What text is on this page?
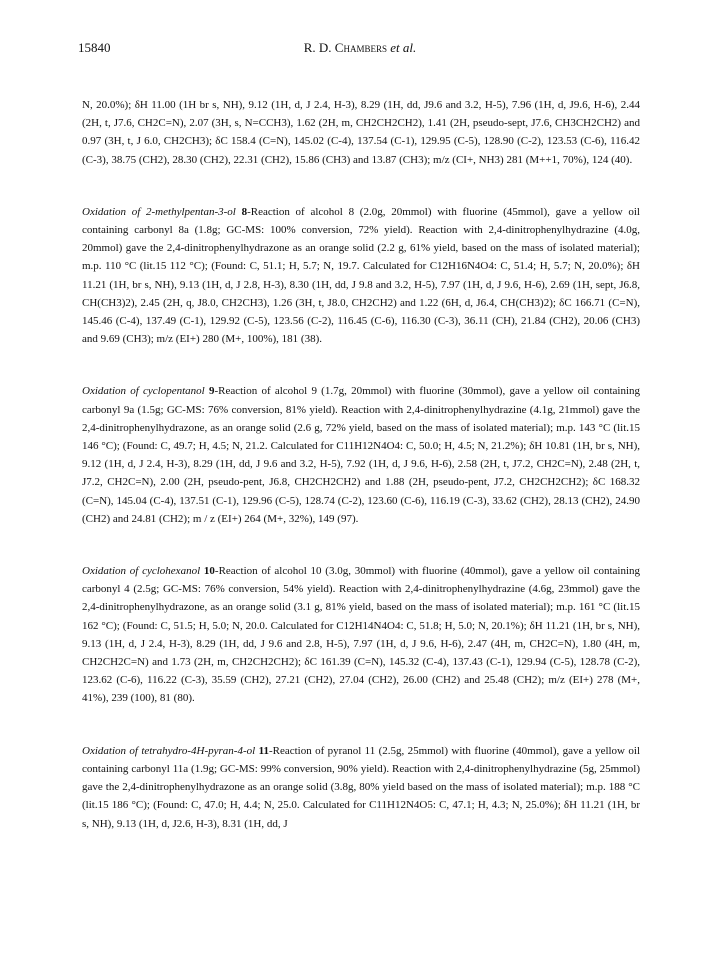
15840	R. D. Chambers et al.

N, 20.0%); δH 11.00 (1H br s, NH), 9.12 (1H, d, J 2.4, H-3), 8.29 (1H, dd, J9.6 and 3.2, H-5), 7.96 (1H, d, J9.6, H-6), 2.44 (2H, t, J7.6, CH2C=N), 2.07 (3H, s, N=CCH3), 1.62 (2H, m, CH2CH2CH2), 1.41 (2H, pseudo-sept, J7.6, CH3CH2CH2) and 0.97 (3H, t, J 6.0, CH2CH3); δC 158.4 (C=N), 145.02 (C-4), 137.54 (C-1), 129.95 (C-5), 128.90 (C-2), 123.53 (C-6), 116.42 (C-3), 38.75 (CH2), 28.30 (CH2), 22.31 (CH2), 15.86 (CH3) and 13.87 (CH3); m/z (CI+, NH3) 281 (M++1, 70%), 124 (40).

Oxidation of 2-methylpentan-3-ol 8-Reaction of alcohol 8 (2.0g, 20mmol) with fluorine (45mmol), gave a yellow oil containing carbonyl 8a (1.8g; GC-MS: 100% conversion, 72% yield). Reaction with 2,4-dinitrophenylhydrazine (4.0g, 20mmol) gave the 2,4-dinitrophenylhydrazone as an orange solid (2.2 g, 61% yield, based on the mass of isolated material); m.p. 110 °C (lit.15 112 °C); (Found: C, 51.1; H, 5.7; N, 19.7. Calculated for C12H16N4O4: C, 51.4; H, 5.7; N, 20.0%); δH 11.21 (1H, br s, NH), 9.13 (1H, d, J 2.8, H-3), 8.30 (1H, dd, J 9.8 and 3.2, H-5), 7.97 (1H, d, J 9.6, H-6), 2.69 (1H, sept, J6.8, CH(CH3)2), 2.45 (2H, q, J8.0, CH2CH3), 1.26 (3H, t, J8.0, CH2CH2) and 1.22 (6H, d, J6.4, CH(CH3)2); δC 166.71 (C=N), 145.46 (C-4), 137.49 (C-1), 129.92 (C-5), 123.56 (C-2), 116.45 (C-6), 116.30 (C-3), 36.11 (CH), 21.84 (CH2), 20.06 (CH3) and 9.69 (CH3); m/z (EI+) 280 (M+, 100%), 181 (38).

Oxidation of cyclopentanol 9-Reaction of alcohol 9 (1.7g, 20mmol) with fluorine (30mmol), gave a yellow oil containing carbonyl 9a (1.5g; GC-MS: 76% conversion, 81% yield). Reaction with 2,4-dinitrophenylhydrazine (4.1g, 21mmol) gave the 2,4-dinitrophenylhydrazone, as an orange solid (2.6 g, 72% yield, based on the mass of isolated material); m.p. 143 °C (lit.15 146 °C); (Found: C, 49.7; H, 4.5; N, 21.2. Calculated for C11H12N4O4: C, 50.0; H, 4.5; N, 21.2%); δH 10.81 (1H, br s, NH), 9.12 (1H, d, J 2.4, H-3), 8.29 (1H, dd, J 9.6 and 3.2, H-5), 7.92 (1H, d, J 9.6, H-6), 2.58 (2H, t, J7.2, CH2C=N), 2.48 (2H, t, J7.2, CH2C=N), 2.00 (2H, pseudo-pent, J6.8, CH2CH2CH2) and 1.88 (2H, pseudo-pent, J7.2, CH2CH2CH2); δC 168.32 (C=N), 145.04 (C-4), 137.51 (C-1), 129.96 (C-5), 128.74 (C-2), 123.60 (C-6), 116.19 (C-3), 33.62 (CH2), 28.13 (CH2), 24.90 (CH2) and 24.81 (CH2); m / z (EI+) 264 (M+, 32%), 149 (97).

Oxidation of cyclohexanol 10-Reaction of alcohol 10 (3.0g, 30mmol) with fluorine (40mmol), gave a yellow oil containing carbonyl 4 (2.5g; GC-MS: 76% conversion, 54% yield). Reaction with 2,4-dinitrophenylhydrazine (4.6g, 23mmol) gave the 2,4-dinitrophenylhydrazone, as an orange solid (3.1 g, 81% yield, based on the mass of isolated material); m.p. 161 °C (lit.15 162 °C); (Found: C, 51.5; H, 5.0; N, 20.0. Calculated for C12H14N4O4: C, 51.8; H, 5.0; N, 20.1%); δH 11.21 (1H, br s, NH), 9.13 (1H, d, J 2.4, H-3), 8.29 (1H, dd, J 9.6 and 2.8, H-5), 7.97 (1H, d, J 9.6, H-6), 2.47 (4H, m, CH2C=N), 1.80 (4H, m, CH2CH2C=N) and 1.73 (2H, m, CH2CH2CH2); δC 161.39 (C=N), 145.32 (C-4), 137.43 (C-1), 129.94 (C-5), 128.78 (C-2), 123.62 (C-6), 116.22 (C-3), 35.59 (CH2), 27.21 (CH2), 27.04 (CH2), 26.00 (CH2) and 25.48 (CH2); m/z (EI+) 278 (M+, 41%), 239 (100), 81 (80).

Oxidation of tetrahydro-4H-pyran-4-ol 11-Reaction of pyranol 11 (2.5g, 25mmol) with fluorine (40mmol), gave a yellow oil containing carbonyl 11a (1.9g; GC-MS: 99% conversion, 90% yield). Reaction with 2,4-dinitrophenylhydrazine (5g, 25mmol) gave the 2,4-dinitrophenylhydrazone as an orange solid (3.8g, 80% yield based on the mass of isolated material); m.p. 188 °C (lit.15 186 °C); (Found: C, 47.0; H, 4.4; N, 25.0. Calculated for C11H12N4O5: C, 47.1; H, 4.3; N, 25.0%); δH 11.21 (1H, br s, NH), 9.13 (1H, d, J2.6, H-3), 8.31 (1H, dd, J
